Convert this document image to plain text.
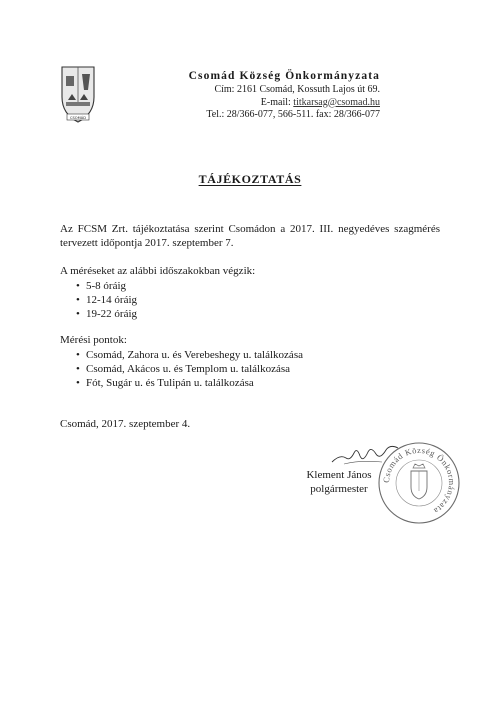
CSOMÁD
Csomád Község Önkormányzata
Cím: 2161 Csomád, Kossuth Lajos út 69.
E-mail: titkarsag@csomad.hu
Tel.: 28/366-077, 566-511. fax: 28/366-077
TÁJÉKOZTATÁS
Az FCSM Zrt. tájékoztatása szerint Csomádon a 2017. III. negyedéves szagmérés tervezett időpontja 2017. szeptember 7.
A méréseket az alábbi időszakokban végzik:
• 5-8 óráig
• 12-14 óráig
• 19-22 óráig
Mérési pontok:
• Csomád, Zahora u. és Verebeshegy u. találkozása
• Csomád, Akácos u. és Templom u. találkozása
• Fót, Sugár u. és Tulipán u. találkozása
Csomád, 2017. szeptember 4.
Klement János
polgármester
Csomád Község Önkormányzata
